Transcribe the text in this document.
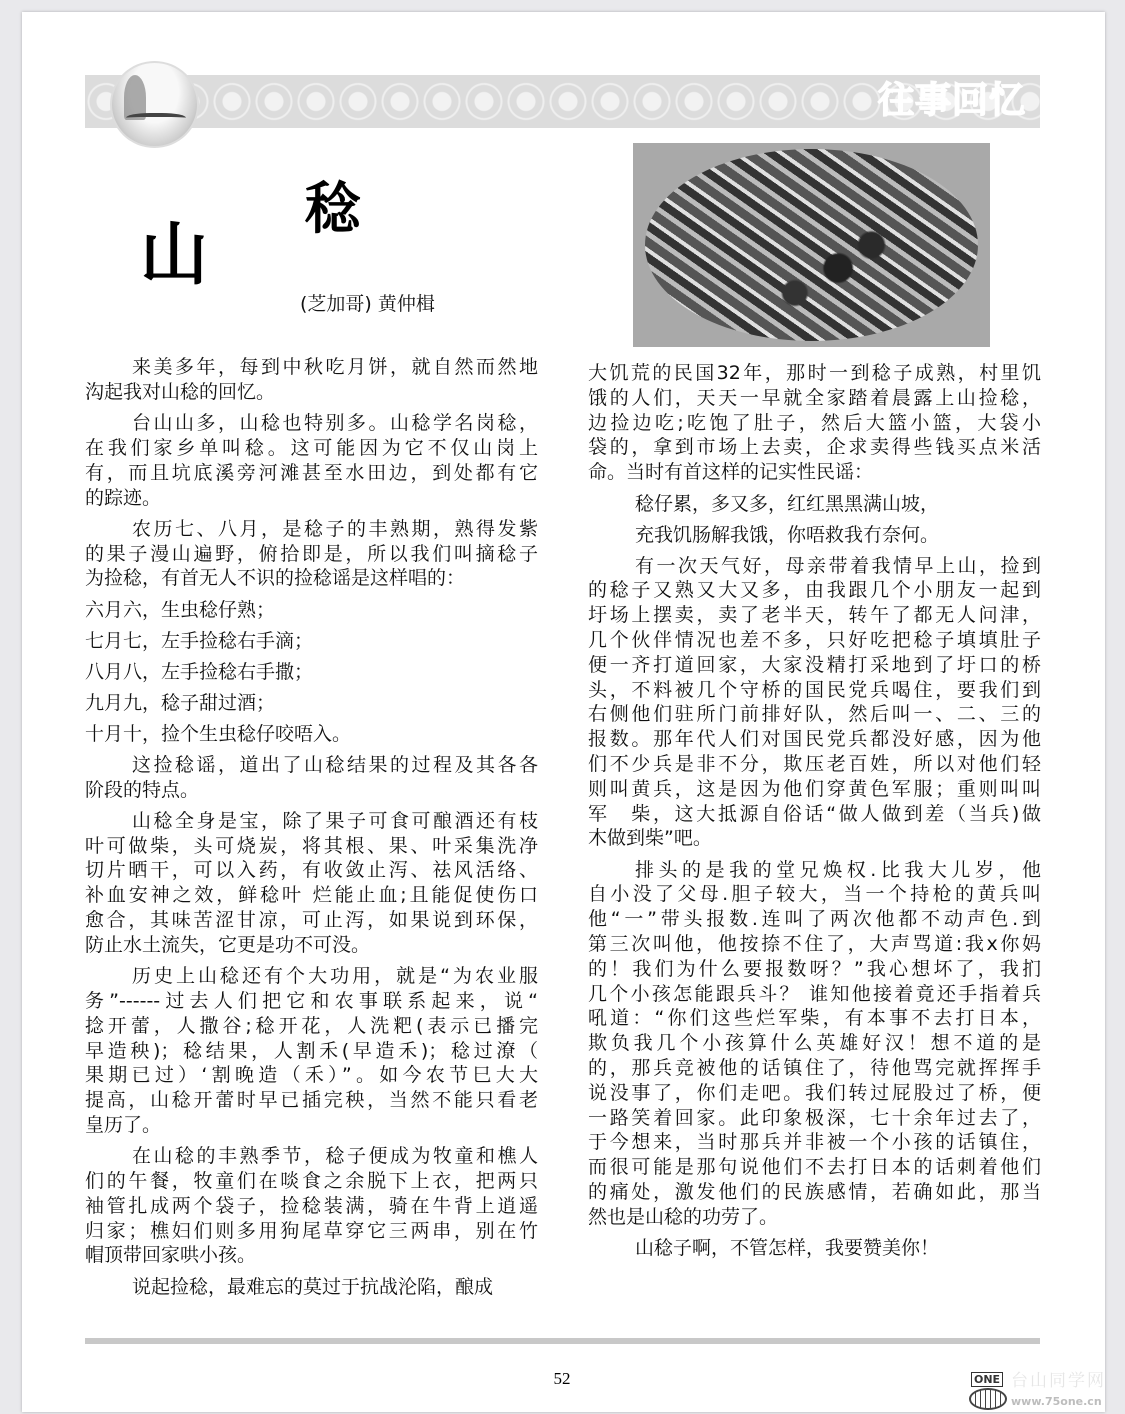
往事回忆
山
稔
(芝加哥) 黄仲楫
来美多年，每到中秋吃月饼，就自然而然地
沟起我对山稔的回忆。
台山山多，山稔也特别多。山稔学名岗稔，
在我们家乡单叫稔。这可能因为它不仅山岗上
有，而且坑底溪旁河滩甚至水田边，到处都有它
的踪迹。
农历七、八月，是稔子的丰熟期，熟得发紫
的果子漫山遍野，俯拾即是，所以我们叫摘稔子
为捡稔，有首无人不识的捡稔谣是这样唱的：
六月六，生虫稔仔熟；
七月七，左手捡稔右手滴；
八月八，左手捡稔右手撒；
九月九，稔子甜过酒；
十月十，捡个生虫稔仔咬唔入。
这捡稔谣，道出了山稔结果的过程及其各各
阶段的特点。
山稔全身是宝，除了果子可食可酿酒还有枝
叶可做柴，头可烧炭，将其根、果、叶采集洗净
切片晒干，可以入药，有收敛止泻、祛风活络、
补血安神之效，鲜稔叶 烂能止血;且能促使伤口
愈合，其味苦涩甘凉，可止泻，如果说到环保，
防止水土流失，它更是功不可没。
历史上山稔还有个大功用，就是“为农业服
务”------过去人们把它和农事联系起来，说“
捻开蕾，人撒谷;稔开花，人洗粑(表示已播完
早造秧)；稔结果，人割禾(早造禾)；稔过潦（
果期已过）‘割晚造（禾）”。如今农节巳大大
提高，山稔开蕾时早已插完秧，当然不能只看老
皇历了。
在山稔的丰熟季节，稔子便成为牧童和樵人
们的午餐，牧童们在啖食之余脱下上衣，把两只
袖管扎成两个袋子，捡稔装满，骑在牛背上逍遥
归家；樵妇们则多用狗尾草穿它三两串，别在竹
帽顶带回家哄小孩。
说起捡稔，最难忘的莫过于抗战沦陷，酿成
大饥荒的民国32年，那时一到稔子成熟，村里饥
饿的人们，天天一早就全家踏着晨露上山捡稔，
边捡边吃;吃饱了肚子，然后大篮小篮，大袋小
袋的，拿到市场上去卖，企求卖得些钱买点米活
命。当时有首这样的记实性民谣：
稔仔累，多又多，红红黑黑满山坡，
充我饥肠解我饿，你唔救我冇奈何。
有一次天气好，母亲带着我情早上山，捡到
的稔子又熟又大又多，由我跟几个小朋友一起到
圩场上摆卖，卖了老半天，转午了都无人问津，
几个伙伴情况也差不多，只好吃把稔子填填肚子
便一齐打道回家，大家没精打采地到了圩口的桥
头，不料被几个守桥的国民党兵喝住，要我们到
右侧他们驻所门前排好队，然后叫一、二、三的
报数。那年代人们对国民党兵都没好感，因为他
们不少兵是非不分，欺压老百姓，所以对他们轻
则叫黄兵，这是因为他们穿黄色军服；重则叫叫
军　柴，这大抵源自俗话“做人做到差（当兵)做
木做到柴”吧。
排头的是我的堂兄焕权.比我大儿岁，他
自小没了父母.胆子较大，当一个持枪的黄兵叫
他“一”带头报数.连叫了两次他都不动声色.到
第三次叫他，他按捺不住了，大声骂道:我x你妈
的！我们为什么要报数呀？”我心想坏了，我扪
几个小孩怎能跟兵斗？ 谁知他接着竟还手指着兵
吼道：“你们这些烂军柴，有本事不去打日本，
欺负我几个小孩算什么英雄好汉！想不道的是
的，那兵竞被他的话镇住了，待他骂完就挥挥手
说没事了，你们走吧。我们转过屁股过了桥，便
一路笑着回家。此印象极深，七十余年过去了，
于今想来，当时那兵并非被一个小孩的话镇住，
而很可能是那句说他们不去打日本的话刺着他们
的痛处，激发他们的民族感情，若确如此，那当
然也是山稔的功劳了。
山稔子啊，不管怎样，我要赞美你！
52	ONE 台山同学网
www.75one.cn
